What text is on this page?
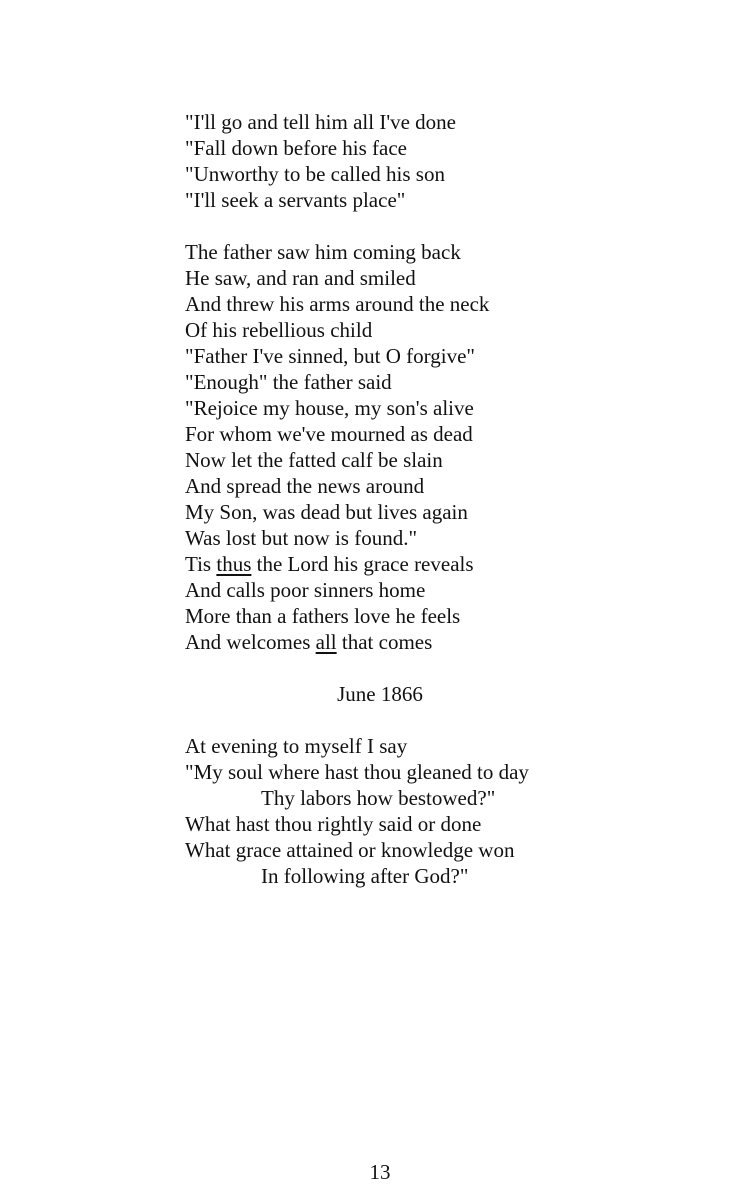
"I'll go and tell him all I've done
"Fall down before his face
"Unworthy to be called his son
"I'll seek a servants place"
The father saw him coming back
He saw, and ran and smiled
And threw his arms around the neck
Of his rebellious child
"Father I've sinned, but O forgive"
"Enough" the father said
"Rejoice my house, my son's alive
For whom we've mourned as dead
Now let the fatted calf be slain
And spread the news around
My Son, was dead but lives again
Was lost but now is found."
Tis thus the Lord his grace reveals
And calls poor sinners home
More than a fathers love he feels
And welcomes all that comes
June 1866
At evening to myself I say
"My soul where hast thou gleaned to day
Thy labors how bestowed?"
What hast thou rightly said or done
What grace attained or knowledge won
In following after God?"
13
